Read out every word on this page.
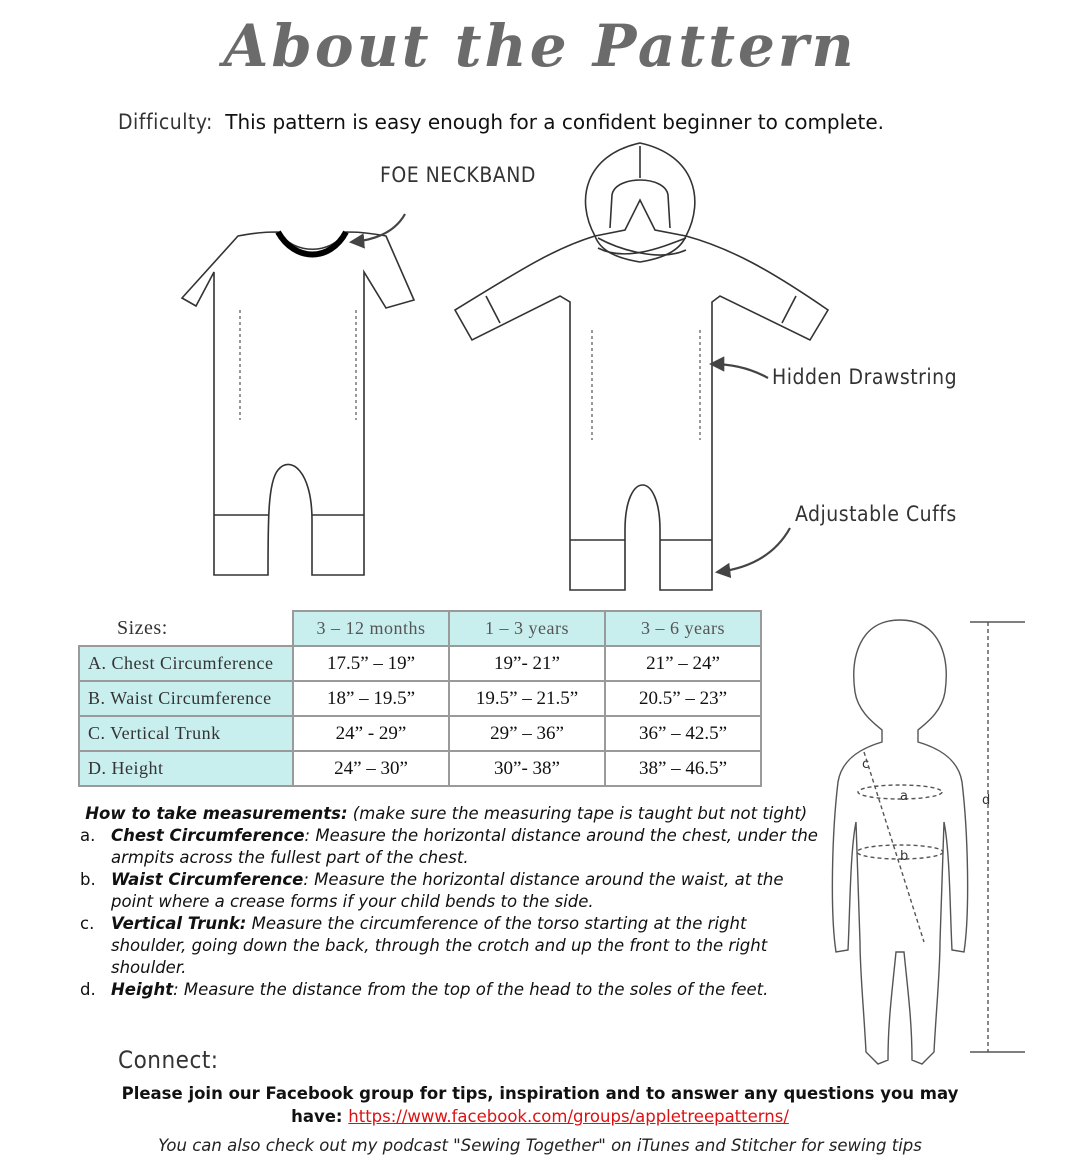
About the Pattern
Difficulty: This pattern is easy enough for a confident beginner to complete.
FOE NECKBAND
Hidden Drawstring
Adjustable Cuffs
Sizes:	3 – 12 months	1 – 3 years	3 – 6 years
A. Chest Circumference	17.5” – 19”	19”- 21”	21” – 24”
B. Waist Circumference	18” – 19.5”	19.5” – 21.5”	20.5” – 23”
C. Vertical Trunk	24” - 29”	29” – 36”	36” – 42.5”
D. Height	24” – 30”	30”- 38”	38” – 46.5”
a
b
c
d
How to take measurements: (make sure the measuring tape is taught but not tight)
a. Chest Circumference: Measure the horizontal distance around the chest, under the armpits across the fullest part of the chest.
b. Waist Circumference: Measure the horizontal distance around the waist, at the point where a crease forms if your child bends to the side.
c. Vertical Trunk: Measure the circumference of the torso starting at the right shoulder, going down the back, through the crotch and up the front to the right shoulder.
d. Height: Measure the distance from the top of the head to the soles of the feet.
Connect:
Please join our Facebook group for tips, inspiration and to answer any questions you may have: https://www.facebook.com/groups/appletreepatterns/
You can also check out my podcast "Sewing Together" on iTunes and Stitcher for sewing tips
